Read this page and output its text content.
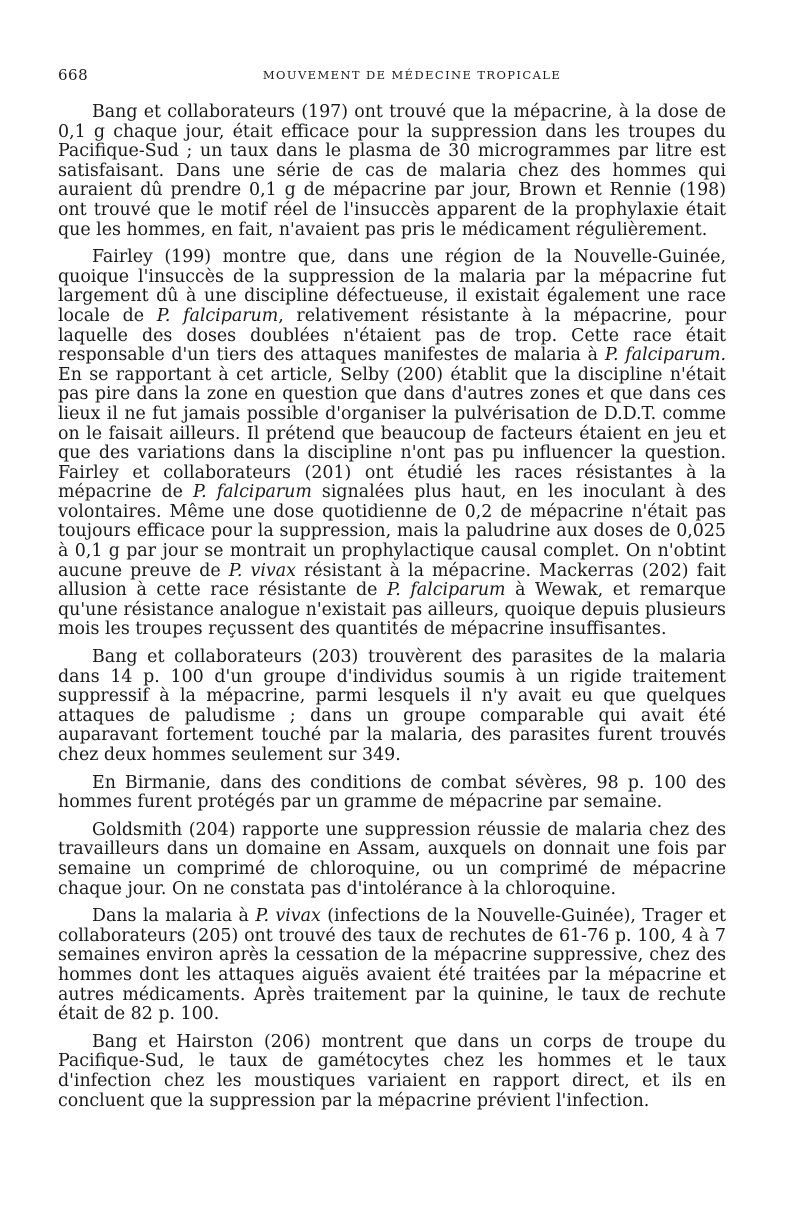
668	MOUVEMENT DE MÉDECINE TROPICALE

Bang et collaborateurs (197) ont trouvé que la mépacrine, à la dose de 0,1 g chaque jour, était efficace pour la suppression dans les troupes du Pacifique-Sud ; un taux dans le plasma de 30 microgrammes par litre est satisfaisant. Dans une série de cas de malaria chez des hommes qui auraient dû prendre 0,1 g de mépacrine par jour, Brown et Rennie (198) ont trouvé que le motif réel de l'insuccès apparent de la prophylaxie était que les hommes, en fait, n'avaient pas pris le médicament régulièrement.

Fairley (199) montre que, dans une région de la Nouvelle-Guinée, quoique l'insuccès de la suppression de la malaria par la mépacrine fut largement dû à une discipline défectueuse, il existait également une race locale de P. falciparum, relativement résistante à la mépacrine, pour laquelle des doses doublées n'étaient pas de trop. Cette race était responsable d'un tiers des attaques manifestes de malaria à P. falciparum. En se rapportant à cet article, Selby (200) établit que la discipline n'était pas pire dans la zone en question que dans d'autres zones et que dans ces lieux il ne fut jamais possible d'organiser la pulvérisation de D.D.T. comme on le faisait ailleurs. Il prétend que beaucoup de facteurs étaient en jeu et que des variations dans la discipline n'ont pas pu influencer la question. Fairley et collaborateurs (201) ont étudié les races résistantes à la mépacrine de P. falciparum signalées plus haut, en les inoculant à des volontaires. Même une dose quotidienne de 0,2 de mépacrine n'était pas toujours efficace pour la suppression, mais la paludrine aux doses de 0,025 à 0,1 g par jour se montrait un prophylactique causal complet. On n'obtint aucune preuve de P. vivax résistant à la mépacrine. Mackerras (202) fait allusion à cette race résistante de P. falciparum à Wewak, et remarque qu'une résistance analogue n'existait pas ailleurs, quoique depuis plusieurs mois les troupes reçussent des quantités de mépacrine insuffisantes.

Bang et collaborateurs (203) trouvèrent des parasites de la malaria dans 14 p. 100 d'un groupe d'individus soumis à un rigide traitement suppressif à la mépacrine, parmi lesquels il n'y avait eu que quelques attaques de paludisme ; dans un groupe comparable qui avait été auparavant fortement touché par la malaria, des parasites furent trouvés chez deux hommes seulement sur 349.

En Birmanie, dans des conditions de combat sévères, 98 p. 100 des hommes furent protégés par un gramme de mépacrine par semaine.

Goldsmith (204) rapporte une suppression réussie de malaria chez des travailleurs dans un domaine en Assam, auxquels on donnait une fois par semaine un comprimé de chloroquine, ou un comprimé de mépacrine chaque jour. On ne constata pas d'intolérance à la chloroquine.

Dans la malaria à P. vivax (infections de la Nouvelle-Guinée), Trager et collaborateurs (205) ont trouvé des taux de rechutes de 61-76 p. 100, 4 à 7 semaines environ après la cessation de la mépacrine suppressive, chez des hommes dont les attaques aiguës avaient été traitées par la mépacrine et autres médicaments. Après traitement par la quinine, le taux de rechute était de 82 p. 100.

Bang et Hairston (206) montrent que dans un corps de troupe du Pacifique-Sud, le taux de gamétocytes chez les hommes et le taux d'infection chez les moustiques variaient en rapport direct, et ils en concluent que la suppression par la mépacrine prévient l'infection.
